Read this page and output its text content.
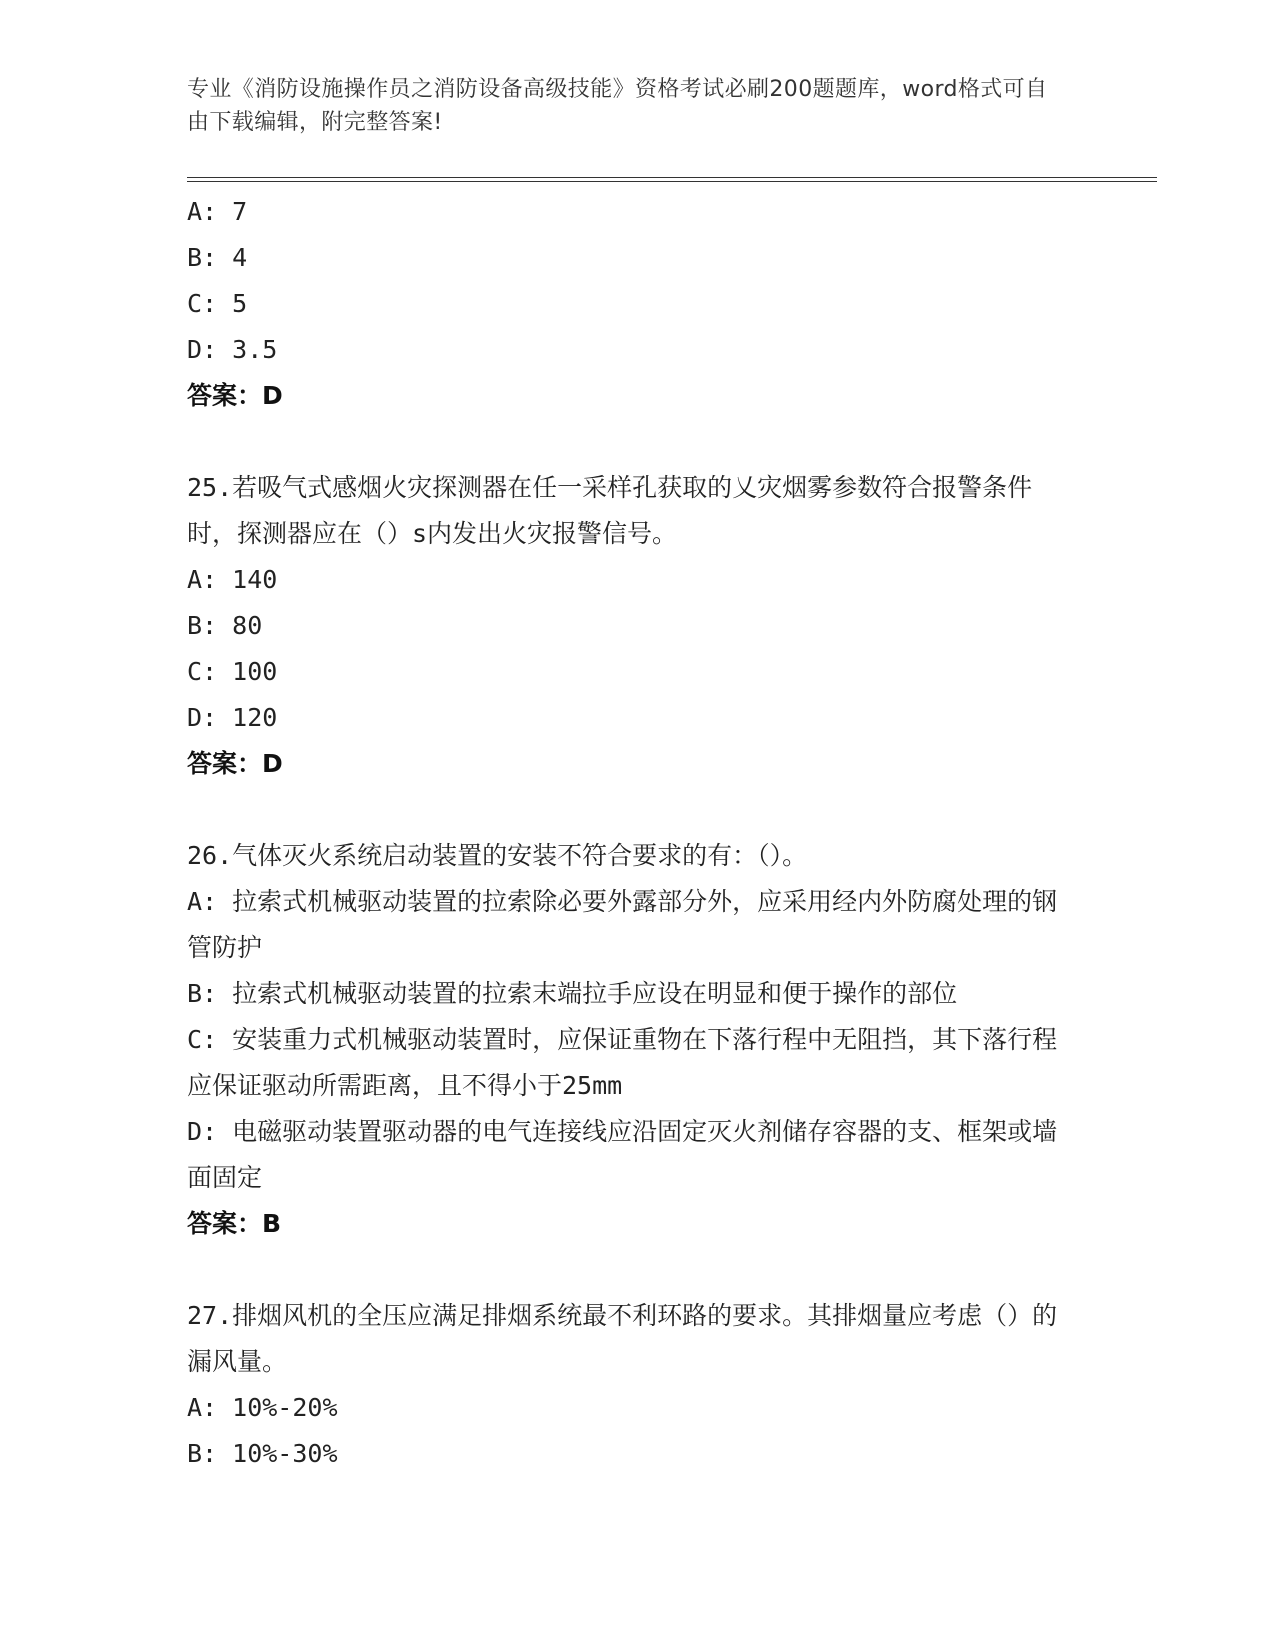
专业《消防设施操作员之消防设备高级技能》资格考试必刷200题题库，word格式可自由下载编辑，附完整答案!

A: 7

B: 4

C: 5

D: 3.5

答案：D

25.若吸气式感烟火灾探测器在任一采样孔获取的乂灾烟雾参数符合报警条件时，探测器应在（）s内发出火灾报警信号。

A: 140

B: 80

C: 100

D: 120

答案：D

26.气体灭火系统启动装置的安装不符合要求的有：（）。

A: 拉索式机械驱动装置的拉索除必要外露部分外，应采用经内外防腐处理的钢管防护

B: 拉索式机械驱动装置的拉索末端拉手应设在明显和便于操作的部位

C: 安装重力式机械驱动装置时，应保证重物在下落行程中无阻挡，其下落行程应保证驱动所需距离，且不得小于25mm

D: 电磁驱动装置驱动器的电气连接线应沿固定灭火剂储存容器的支、框架或墙面固定

答案：B

27.排烟风机的全压应满足排烟系统最不利环路的要求。其排烟量应考虑（）的漏风量。

A: 10%-20%

B: 10%-30%
